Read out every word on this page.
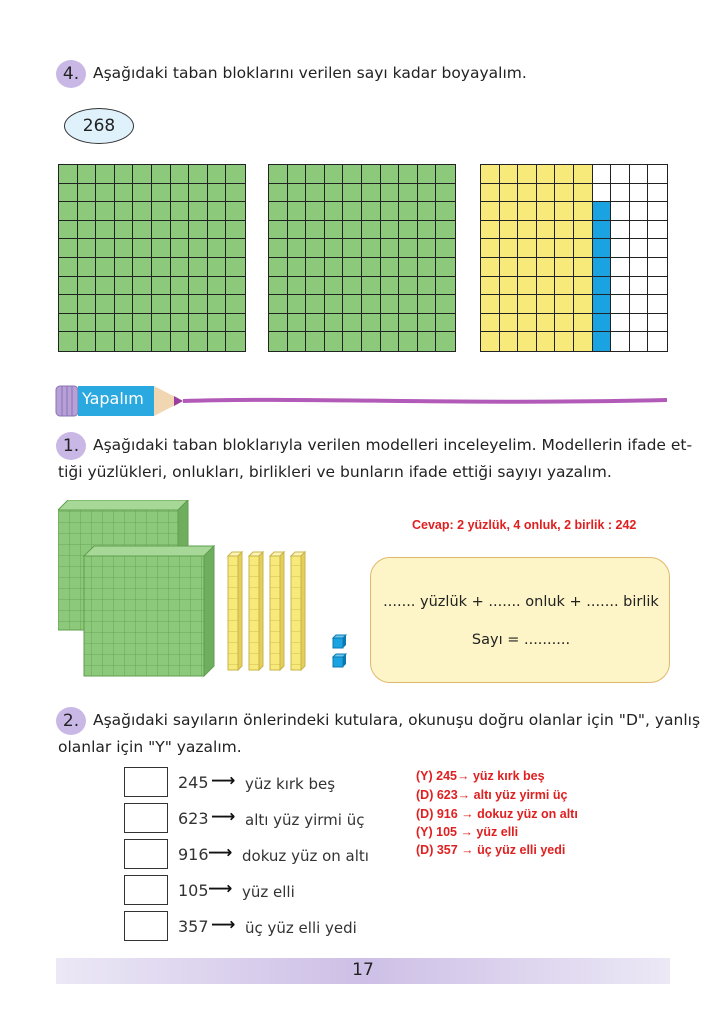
4. Aşağıdaki taban bloklarını verilen sayı kadar boyayalım.
268
Yapalım
1. Aşağıdaki taban bloklarıyla verilen modelleri inceleyelim. Modellerin ifade et-
tiği yüzlükleri, onlukları, birlikleri ve bunların ifade ettiği sayıyı yazalım.
Cevap: 2 yüzlük, 4 onluk, 2 birlik : 242
....... yüzlük + ....... onluk + ....... birlik
Sayı = ..........
2. Aşağıdaki sayıların önlerindeki kutulara, okunuşu doğru olanlar için "D", yanlış
olanlar için "Y" yazalım.
245 ⟶ yüz kırk beş
623 ⟶ altı yüz yirmi üç
916 ⟶ dokuz yüz on altı
105 ⟶ yüz elli
357 ⟶ üç yüz elli yedi
(Y) 245→ yüz kırk beş
(D) 623→ altı yüz yirmi üç
(D) 916 → dokuz yüz on altı
(Y) 105 → yüz elli
(D) 357 → üç yüz elli yedi
17
